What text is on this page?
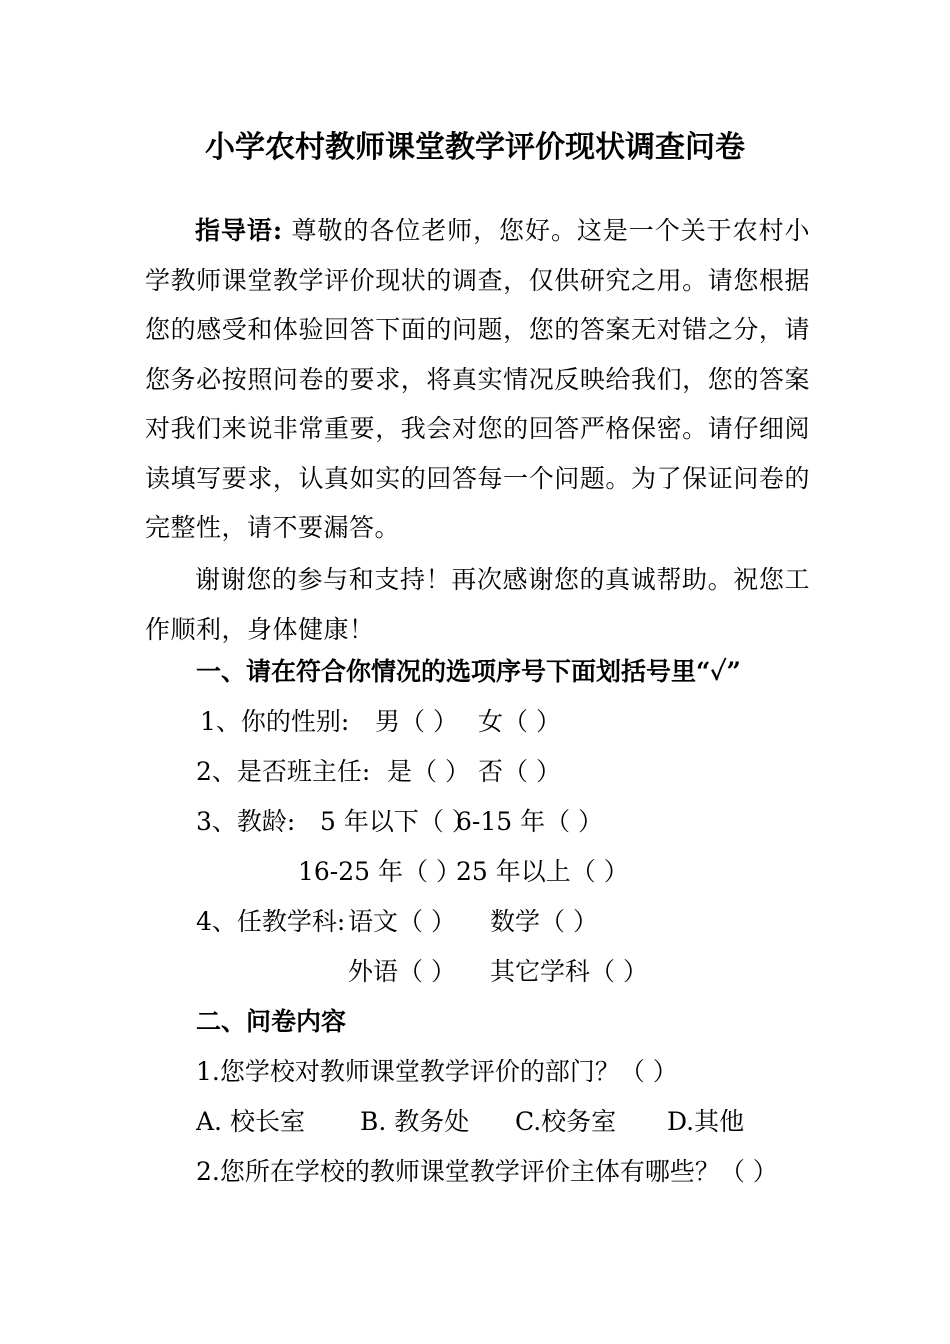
小学农村教师课堂教学评价现状调查问卷
指导语: 尊敬的各位老师，您好。这是一个关于农村小学教师课堂教学评价现状的调查，仅供研究之用。请您根据您的感受和体验回答下面的问题，您的答案无对错之分，请您务必按照问卷的要求，将真实情况反映给我们，您的答案对我们来说非常重要，我会对您的回答严格保密。请仔细阅读填写要求，认真如实的回答每一个问题。为了保证问卷的完整性，请不要漏答。
谢谢您的参与和支持！再次感谢您的真诚帮助。祝您工作顺利，身体健康！
一、请在符合你情况的选项序号下面划括号里“✓”
1、你的性别: 男（ ） 女（ ）
2、是否班主任: 是（ ） 否（ ）
3、教龄: 5 年以下（ ）
6-15 年（ ）
16-25 年（ ）
25 年以上（ ）
4、任教学科: 语文（ ） 数学（ ）
外语（ ） 其它学科（ ）
二、问卷内容
1.您学校对教师课堂教学评价的部门？（ ）
A. 校长室 B. 教务处 C.校务室 D.其他
2.您所在学校的教师课堂教学评价主体有哪些？（ ）
